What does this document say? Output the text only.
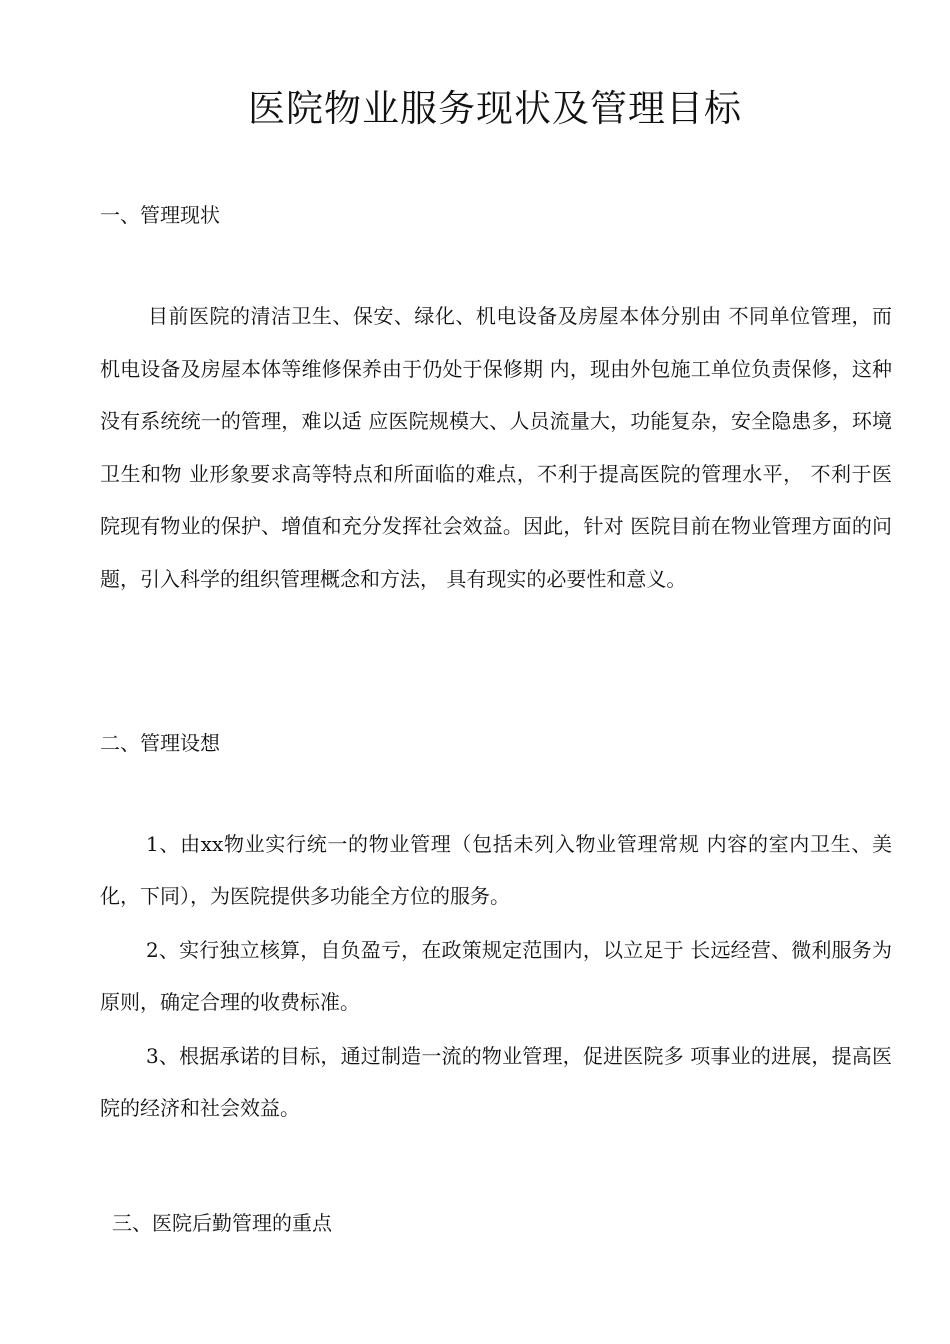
医院物业服务现状及管理目标
一、管理现状

目前医院的清洁卫生、保安、绿化、机电设备及房屋本体分别由 不同单位管理，而机电设备及房屋本体等维修保养由于仍处于保修期 内，现由外包施工单位负责保修，这种没有系统统一的管理，难以适 应医院规模大、人员流量大，功能复杂，安全隐患多，环境卫生和物 业形象要求高等特点和所面临的难点，不利于提高医院的管理水平， 不利于医院现有物业的保护、增值和充分发挥社会效益。因此，针对 医院目前在物业管理方面的问题，引入科学的组织管理概念和方法， 具有现实的必要性和意义。

二、管理设想

1、由xx物业实行统一的物业管理（包括未列入物业管理常规 内容的室内卫生、美化，下同），为医院提供多功能全方位的服务。

2、实行独立核算，自负盈亏，在政策规定范围内，以立足于 长远经营、微利服务为原则，确定合理的收费标准。

3、根据承诺的目标，通过制造一流的物业管理，促进医院多 项事业的进展，提高医院的经济和社会效益。

三、医院后勤管理的重点
